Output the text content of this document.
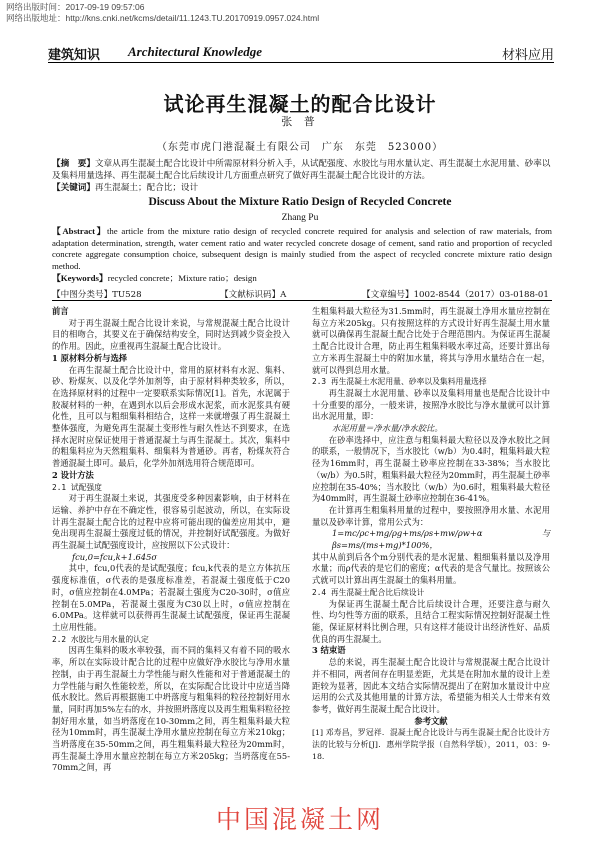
网络出版时间：2017-09-19 09:57:06
网络出版地址：http://kns.cnki.net/kcms/detail/11.1243.TU.20170919.0957.024.html
建筑知识 Architectural Knowledge	材料应用
试论再生混凝土的配合比设计
张 普
（东莞市虎门港混凝土有限公司　广东　东莞　523000）
【摘　要】文章从再生混凝土配合比设计中所需原材料分析入手，从试配强度、水胶比与用水量认定、再生混凝土水泥用量、砂率以及集料用量选择、再生混凝土配合比后续设计几方面重点研究了做好再生混凝土配合比设计的方法。
【关键词】再生混凝土；配合比；设计
Discuss About the Mixture Ratio Design of Recycled Concrete
Zhang Pu
【Abstract】the article from the mixture ratio design of recycled concrete required for analysis and selection of raw materials, from adaptation determination, strength, water cement ratio and water recycled concrete dosage of cement, sand ratio and proportion of recycled concrete aggregate consumption choice, subsequent design is mainly studied from the aspect of recycled concrete mixture ratio design method.
【Keywords】recycled concrete；Mixture ratio；design
【中图分类号】TU528	【文献标识码】A	【文章编号】1002-8544（2017）03-0188-01

前言

对于再生混凝土配合比设计来说，与常规混凝土配合比设计目的相吻合，其要义在于确保结构安全，同时达到减少资金投入的作用。因此，应重视再生混凝土配合比设计。

1 原材料分析与选择

在再生混凝土配合比设计中，常用的原材料有水泥、集料、砂、粉煤灰、以及化学外加剂等，由于原材料种类较多，所以，在选择原材料的过程中一定要联系实际情况[1]。首先，水泥属于胶凝材料的一种，在遇到水以后会形成水泥浆，而水泥浆具有硬化性，且可以与粗细集料相结合，这样一来就增强了再生混凝土整体强度，为避免再生混凝土变形性与耐久性达不到要求，在选择水泥时应保证使用于普通混凝土与再生混凝土。其次，集料中的粗集料应为天然粗集料、细集料为普通砂。再者，粉煤灰符合普通混凝土即可。最后，化学外加剂选用符合规范即可。

2 设计方法

2.1 试配强度

对于再生混凝土来说，其强度受多种因素影响，由于材料在运输、养护中存在不确定性，很容易引起波动，所以，在实际设计再生混凝土配合比的过程中应将可能出现的偏差应用其中，避免出现再生混凝土强度过低的情况，并控制好试配强度。为做好再生混凝土试配强度设计，应按照以下公式设计：

fcu,0=fcu,k+1.645σ

其中，fcu,0代表的是试配强度；fcu,k代表的是立方体抗压强度标准值，σ代表的是强度标准差，若混凝土强度低于C20时，σ值应控制在4.0MPa；若混凝土强度为C20-30时，σ值应控制在5.0MPa，若混凝土强度为C30以上时，σ值应控制在6.0MPa。这样就可以获得再生混凝土试配强度，保证再生混凝土应用性能。

2.2 水胶比与用水量的认定

因再生集料的吸水率较强，而不同的集料又有着不同的吸水率，所以在实际设计配合比的过程中应做好净水胶比与净用水量控制，由于再生混凝土力学性能与耐久性能和对于普通混凝土的力学性能与耐久性能较差，所以，在实际配合比设计中应适当降低水胶比。然后再根据施工中坍落度与粗集料的粒径控制好用水量，同时再加5%左右的水，并按照坍落度以及再生粗集料粒径控制好用水量，如当坍落度在10-30mm之间，再生粗集料最大粒径为10mm时，再生混凝土净用水量应控制在每立方米210kg；当坍落度在35-50mm之间，再生粗集料最大粒径为20mm时，再生混凝土净用水量应控制在每立方米205kg；当坍落度在55-70mm之间，再

生粗集料最大粒径为31.5mm时，再生混凝土净用水量应控制在每立方米205kg。只有按照这样的方式设计好再生混凝土用水量就可以确保再生混凝土配合比处于合理范围内。为保证再生混凝土配合比设计合理，防止再生粗集料吸水率过高，还要计算出每立方米再生混凝土中的附加水量，将其与净用水量结合在一起，就可以得到总用水量。

2.3 再生混凝土水泥用量、砂率以及集料用量选择

再生混凝土水泥用量、砂率以及集料用量也是配合比设计中十分重要的部分，一般来讲，按照净水胶比与净水量就可以计算出水泥用量，即：

水泥用量＝净水量/净水胶比。

在砂率选择中，应注意与粗集料最大粒径以及净水胶比之间的联系，一般情况下，当水胶比（w/b）为0.4时，粗集料最大粒径为16mm时，再生混凝土砂率应控制在33-38%；当水胶比（w/b）为0.5时，粗集料最大粒径为20mm时，再生混凝土砂率应控制在35-40%；当水胶比（w/b）为0.6时，粗集料最大粒径为40mm时，再生混凝土砂率应控制在36-41%。

在计算再生粗集料用量的过程中，要按照净用水量、水泥用量以及砂率计算，常用公式为：

1=mc/ρc+mg/ρg+ms/ρs+mw/ρw+α 与 βs=ms/(ms+mg)*100%，

其中从前到后各个m分别代表的是水泥量、粗细集料量以及净用水量；而ρ代表的是它们的密度；α代表的是含气量比。按照该公式就可以计算出再生混凝土的集料用量。

2.4 再生混凝土配合比后续设计

为保证再生混凝土配合比后续设计合理，还要注意与耐久性、均匀性等方面的联系，且结合工程实际情况控制好混凝土性能，保证原材料比例合理，只有这样才能设计出经济性好、品质优良的再生混凝土。

3 结束语

总的来说，再生混凝土配合比设计与常规混凝土配合比设计并不相同，两者间存在明显差距，尤其是在附加水量的设计上差距较为显著，因此本文结合实际情况提出了在附加水量设计中应运用的公式及其他用量的计算方法，希望能为相关人士带来有效参考，做好再生混凝土配合比设计。

参考文献

[1] 邓寿昌，罗冠祥．混凝土配合比设计与再生混凝土配合比设计方法的比较与分析[J]．惠州学院学报（自然科学版），2011，03：9-18.

中国混凝土网
